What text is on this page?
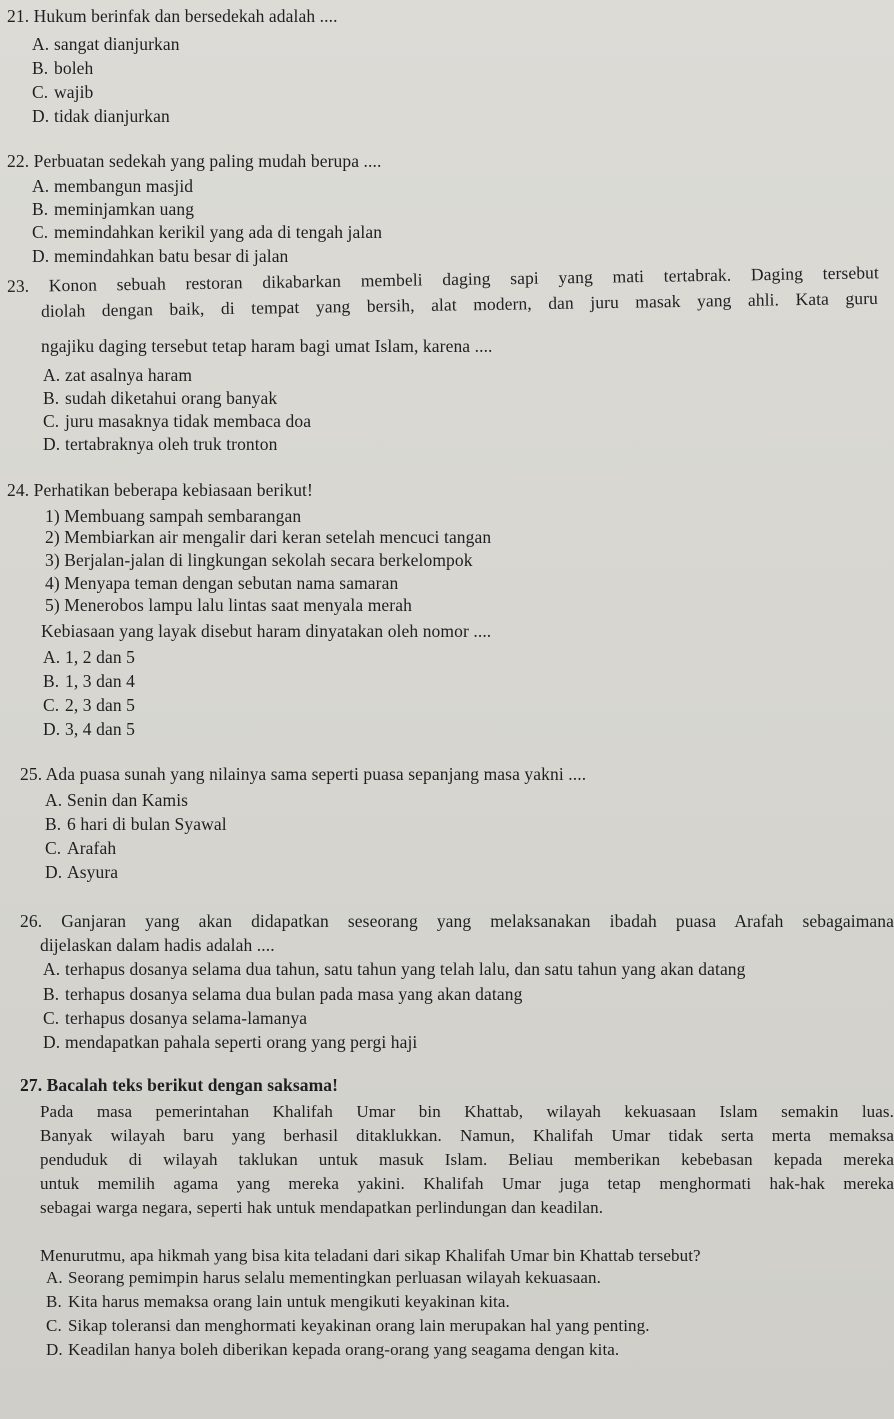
21. Hukum berinfak dan bersedekah adalah ....
A. sangat dianjurkan
B. boleh
C. wajib
D. tidak dianjurkan
22. Perbuatan sedekah yang paling mudah berupa ....
A. membangun masjid
B. meminjamkan uang
C. memindahkan kerikil yang ada di tengah jalan
D. memindahkan batu besar di jalan
23. Konon sebuah restoran dikabarkan membeli daging sapi yang mati tertabrak. Daging tersebut
diolah dengan baik, di tempat yang bersih, alat modern, dan juru masak yang ahli. Kata guru
ngajiku daging tersebut tetap haram bagi umat Islam, karena ....
A. zat asalnya haram
B. sudah diketahui orang banyak
C. juru masaknya tidak membaca doa
D. tertabraknya oleh truk tronton
24. Perhatikan beberapa kebiasaan berikut!
1) Membuang sampah sembarangan
2) Membiarkan air mengalir dari keran setelah mencuci tangan
3) Berjalan-jalan di lingkungan sekolah secara berkelompok
4) Menyapa teman dengan sebutan nama samaran
5) Menerobos lampu lalu lintas saat menyala merah
Kebiasaan yang layak disebut haram dinyatakan oleh nomor ....
A. 1, 2 dan 5
B. 1, 3 dan 4
C. 2, 3 dan 5
D. 3, 4 dan 5
25. Ada puasa sunah yang nilainya sama seperti puasa sepanjang masa yakni ....
A. Senin dan Kamis
B. 6 hari di bulan Syawal
C. Arafah
D. Asyura
26. Ganjaran yang akan didapatkan seseorang yang melaksanakan ibadah puasa Arafah sebagaimana
dijelaskan dalam hadis adalah ....
A. terhapus dosanya selama dua tahun, satu tahun yang telah lalu, dan satu tahun yang akan datang
B. terhapus dosanya selama dua bulan pada masa yang akan datang
C. terhapus dosanya selama-lamanya
D. mendapatkan pahala seperti orang yang pergi haji
27. Bacalah teks berikut dengan saksama!
Pada masa pemerintahan Khalifah Umar bin Khattab, wilayah kekuasaan Islam semakin luas.
Banyak wilayah baru yang berhasil ditaklukkan. Namun, Khalifah Umar tidak serta merta memaksa
penduduk di wilayah taklukan untuk masuk Islam. Beliau memberikan kebebasan kepada mereka
untuk memilih agama yang mereka yakini. Khalifah Umar juga tetap menghormati hak-hak mereka
sebagai warga negara, seperti hak untuk mendapatkan perlindungan dan keadilan.
Menurutmu, apa hikmah yang bisa kita teladani dari sikap Khalifah Umar bin Khattab tersebut?
A. Seorang pemimpin harus selalu mementingkan perluasan wilayah kekuasaan.
B. Kita harus memaksa orang lain untuk mengikuti keyakinan kita.
C. Sikap toleransi dan menghormati keyakinan orang lain merupakan hal yang penting.
D. Keadilan hanya boleh diberikan kepada orang-orang yang seagama dengan kita.
